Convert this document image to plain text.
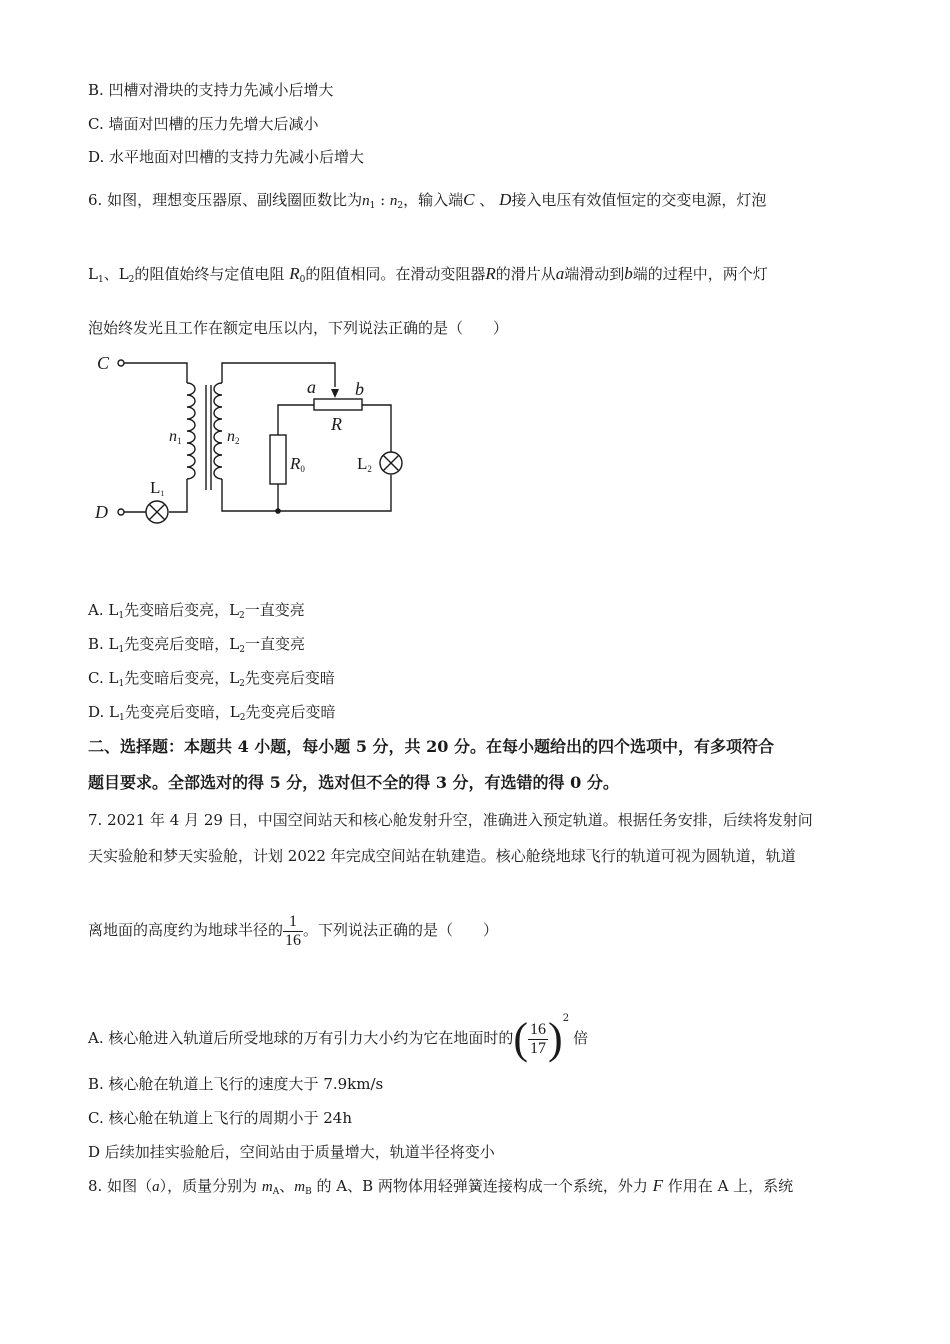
B. 凹槽对滑块的支持力先减小后增大
C. 墙面对凹槽的压力先增大后减小
D. 水平地面对凹槽的支持力先减小后增大
6. 如图，理想变压器原、副线圈匝数比为$n_1$ : $n_2$，输入端C 、 D接入电压有效值恒定的交变电源，灯泡
$L_1$、$L_2$的阻值始终与定值电阻 $R_0$的阻值相同。在滑动变阻器R的滑片从a端滑动到b端的过程中，两个灯
泡始终发光且工作在额定电压以内，下列说法正确的是（　　）
C
D
n1	n2
a b
R
R0	L2
L1
A. $L_1$先变暗后变亮，$L_2$一直变亮
B. $L_1$先变亮后变暗，$L_2$一直变亮
C. $L_1$先变暗后变亮，$L_2$先变亮后变暗
D. $L_1$先变亮后变暗，$L_2$先变亮后变暗
二、选择题：本题共 4 小题，每小题 5 分，共 20 分。在每小题给出的四个选项中，有多项符合
题目要求。全部选对的得 5 分，选对但不全的得 3 分，有选错的得 0 分。
7. 2021 年 4 月 29 日，中国空间站天和核心舱发射升空，准确进入预定轨道。根据任务安排，后续将发射问
天实验舱和梦天实验舱，计划 2022 年完成空间站在轨建造。核心舱绕地球飞行的轨道可视为圆轨道，轨道
离地面的高度约为地球半径的 $\frac{1}{16}$ 。下列说法正确的是（　　）
A. 核心舱进入轨道后所受地球的万有引力大小约为它在地面时的( $\frac{16}{17} )^2$倍
B. 核心舱在轨道上飞行的速度大于 7.9km/s
C. 核心舱在轨道上飞行的周期小于 24h
D 后续加挂实验舱后，空间站由于质量增大，轨道半径将变小
8. 如图（a），质量分别为 $m_A$、$m_B$ 的 A、B 两物体用轻弹簧连接构成一个系统，外力 F 作用在 A 上，系统
